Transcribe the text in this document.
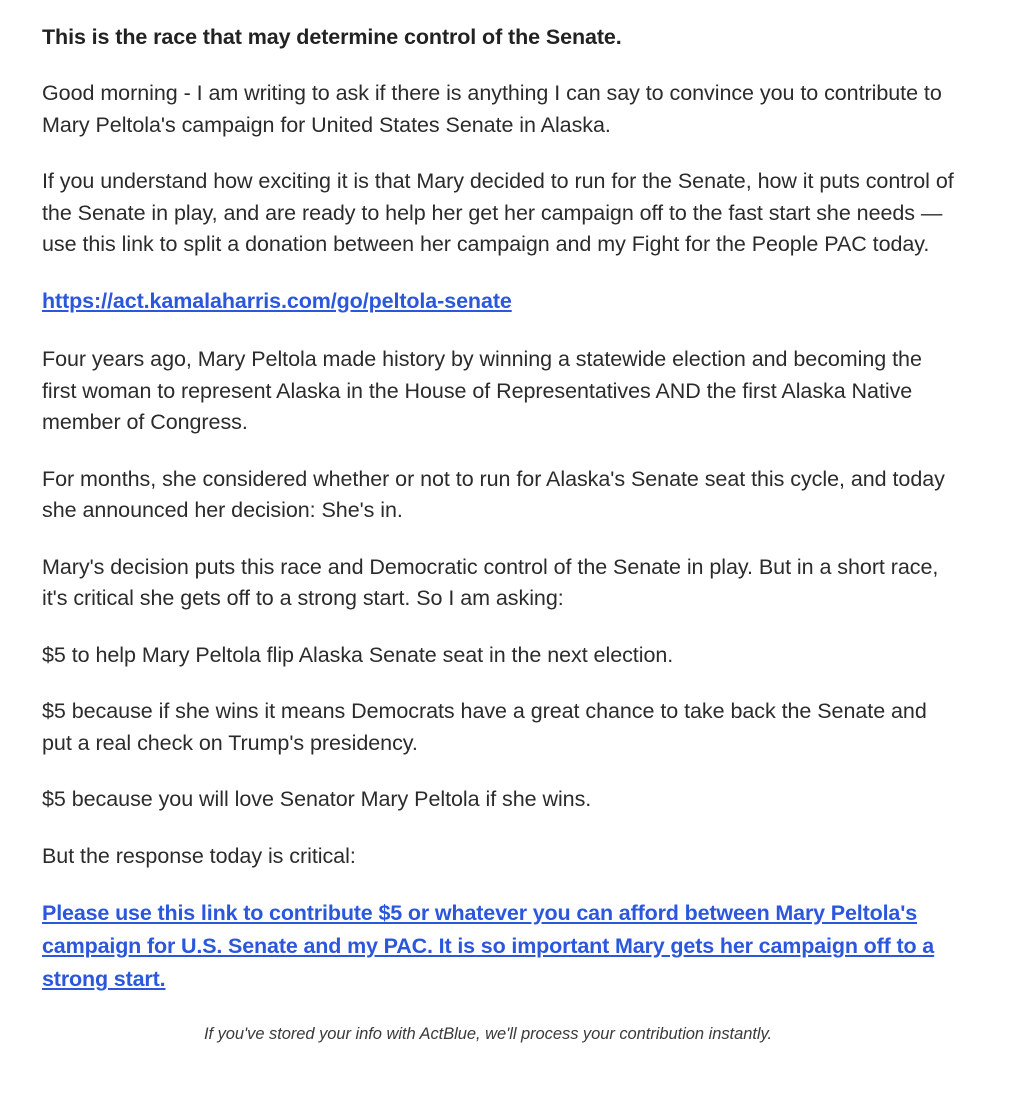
This is the race that may determine control of the Senate.

Good morning - I am writing to ask if there is anything I can say to convince you to contribute to Mary Peltola's campaign for United States Senate in Alaska.

If you understand how exciting it is that Mary decided to run for the Senate, how it puts control of the Senate in play, and are ready to help her get her campaign off to the fast start she needs — use this link to split a donation between her campaign and my Fight for the People PAC today.

https://act.kamalaharris.com/go/peltola-senate

Four years ago, Mary Peltola made history by winning a statewide election and becoming the first woman to represent Alaska in the House of Representatives AND the first Alaska Native member of Congress.

For months, she considered whether or not to run for Alaska's Senate seat this cycle, and today she announced her decision: She's in.

Mary's decision puts this race and Democratic control of the Senate in play. But in a short race, it's critical she gets off to a strong start. So I am asking:

$5 to help Mary Peltola flip Alaska Senate seat in the next election.

$5 because if she wins it means Democrats have a great chance to take back the Senate and put a real check on Trump's presidency.

$5 because you will love Senator Mary Peltola if she wins.

But the response today is critical:

Please use this link to contribute $5 or whatever you can afford between Mary Peltola's campaign for U.S. Senate and my PAC. It is so important Mary gets her campaign off to a strong start.

If you've stored your info with ActBlue, we'll process your contribution instantly.
